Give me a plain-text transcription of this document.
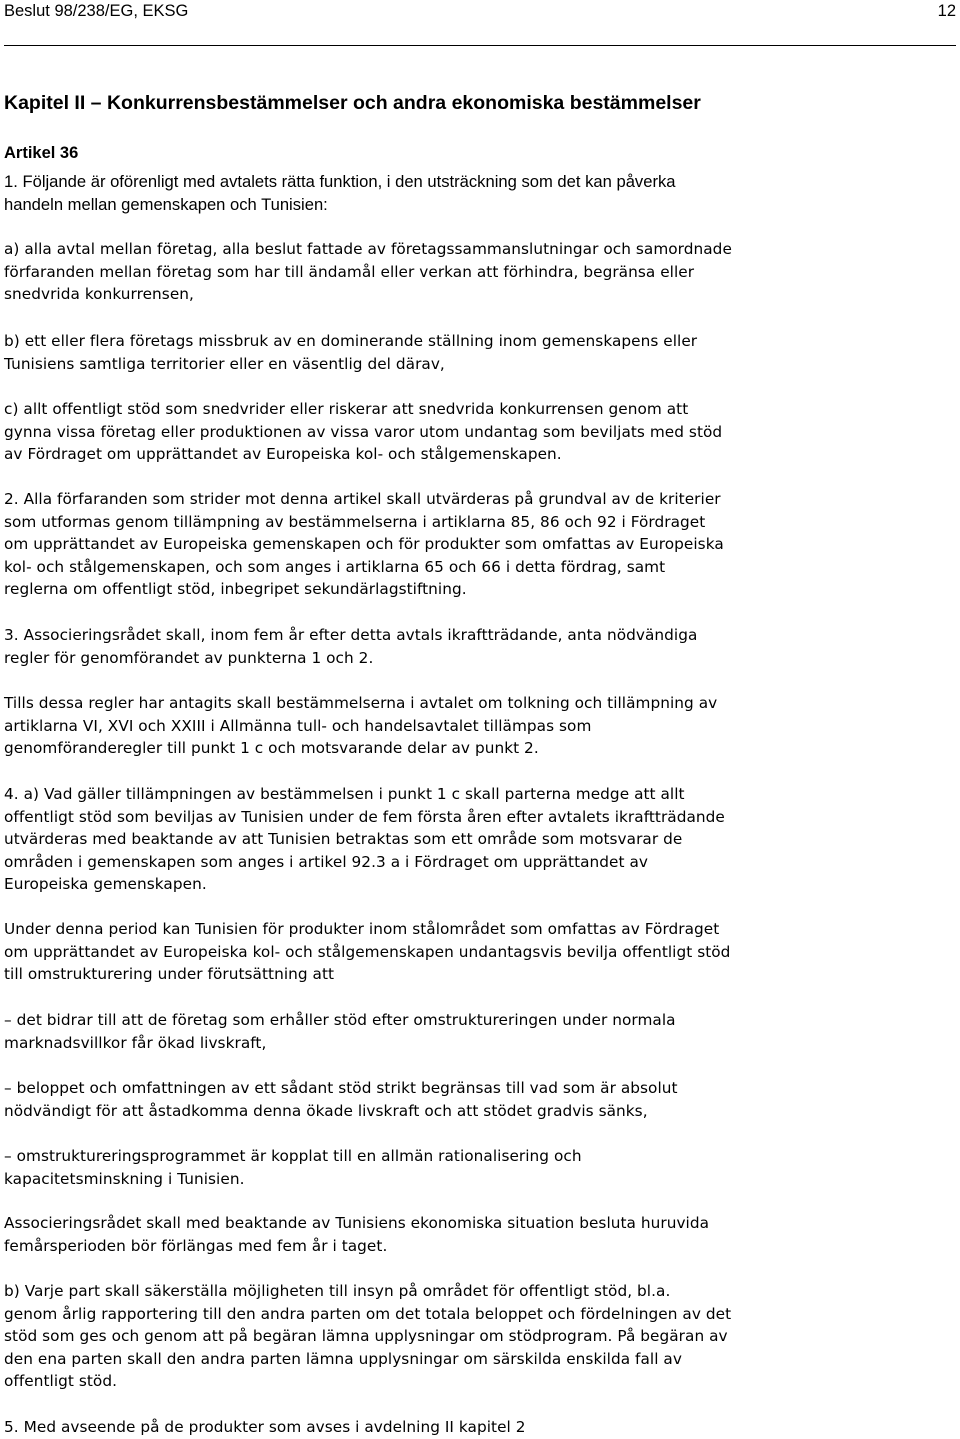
Beslut 98/238/EG, EKSG	12
Kapitel II – Konkurrensbestämmelser och andra ekonomiska bestämmelser
Artikel 36

1. Följande är oförenligt med avtalets rätta funktion, i den utsträckning som det kan påverka
handeln mellan gemenskapen och Tunisien:

a) alla avtal mellan företag, alla beslut fattade av företagssammanslutningar och samordnade
förfaranden mellan företag som har till ändamål eller verkan att förhindra, begränsa eller
snedvrida konkurrensen,

b) ett eller flera företags missbruk av en dominerande ställning inom gemenskapens eller
Tunisiens samtliga territorier eller en väsentlig del därav,

c) allt offentligt stöd som snedvrider eller riskerar att snedvrida konkurrensen genom att
gynna vissa företag eller produktionen av vissa varor utom undantag som beviljats med stöd
av Fördraget om upprättandet av Europeiska kol- och stålgemenskapen.

2. Alla förfaranden som strider mot denna artikel skall utvärderas på grundval av de kriterier
som utformas genom tillämpning av bestämmelserna i artiklarna 85, 86 och 92 i Fördraget
om upprättandet av Europeiska gemenskapen och för produkter som omfattas av Europeiska
kol- och stålgemenskapen, och som anges i artiklarna 65 och 66 i detta fördrag, samt
reglerna om offentligt stöd, inbegripet sekundärlagstiftning.

3. Associeringsrådet skall, inom fem år efter detta avtals ikraftträdande, anta nödvändiga
regler för genomförandet av punkterna 1 och 2.

Tills dessa regler har antagits skall bestämmelserna i avtalet om tolkning och tillämpning av
artiklarna VI, XVI och XXIII i Allmänna tull- och handelsavtalet tillämpas som
genomföranderegler till punkt 1 c och motsvarande delar av punkt 2.

4. a) Vad gäller tillämpningen av bestämmelsen i punkt 1 c skall parterna medge att allt
offentligt stöd som beviljas av Tunisien under de fem första åren efter avtalets ikraftträdande
utvärderas med beaktande av att Tunisien betraktas som ett område som motsvarar de
områden i gemenskapen som anges i artikel 92.3 a i Fördraget om upprättandet av
Europeiska gemenskapen.

Under denna period kan Tunisien för produkter inom stålområdet som omfattas av Fördraget
om upprättandet av Europeiska kol- och stålgemenskapen undantagsvis bevilja offentligt stöd
till omstrukturering under förutsättning att

– det bidrar till att de företag som erhåller stöd efter omstruktureringen under normala
marknadsvillkor får ökad livskraft,

– beloppet och omfattningen av ett sådant stöd strikt begränsas till vad som är absolut
nödvändigt för att åstadkomma denna ökade livskraft och att stödet gradvis sänks,

– omstruktureringsprogrammet är kopplat till en allmän rationalisering och
kapacitetsminskning i Tunisien.

Associeringsrådet skall med beaktande av Tunisiens ekonomiska situation besluta huruvida
femårsperioden bör förlängas med fem år i taget.

b) Varje part skall säkerställa möjligheten till insyn på området för offentligt stöd, bl.a.
genom årlig rapportering till den andra parten om det totala beloppet och fördelningen av det
stöd som ges och genom att på begäran lämna upplysningar om stödprogram. På begäran av
den ena parten skall den andra parten lämna upplysningar om särskilda enskilda fall av
offentligt stöd.

5. Med avseende på de produkter som avses i avdelning II kapitel 2
